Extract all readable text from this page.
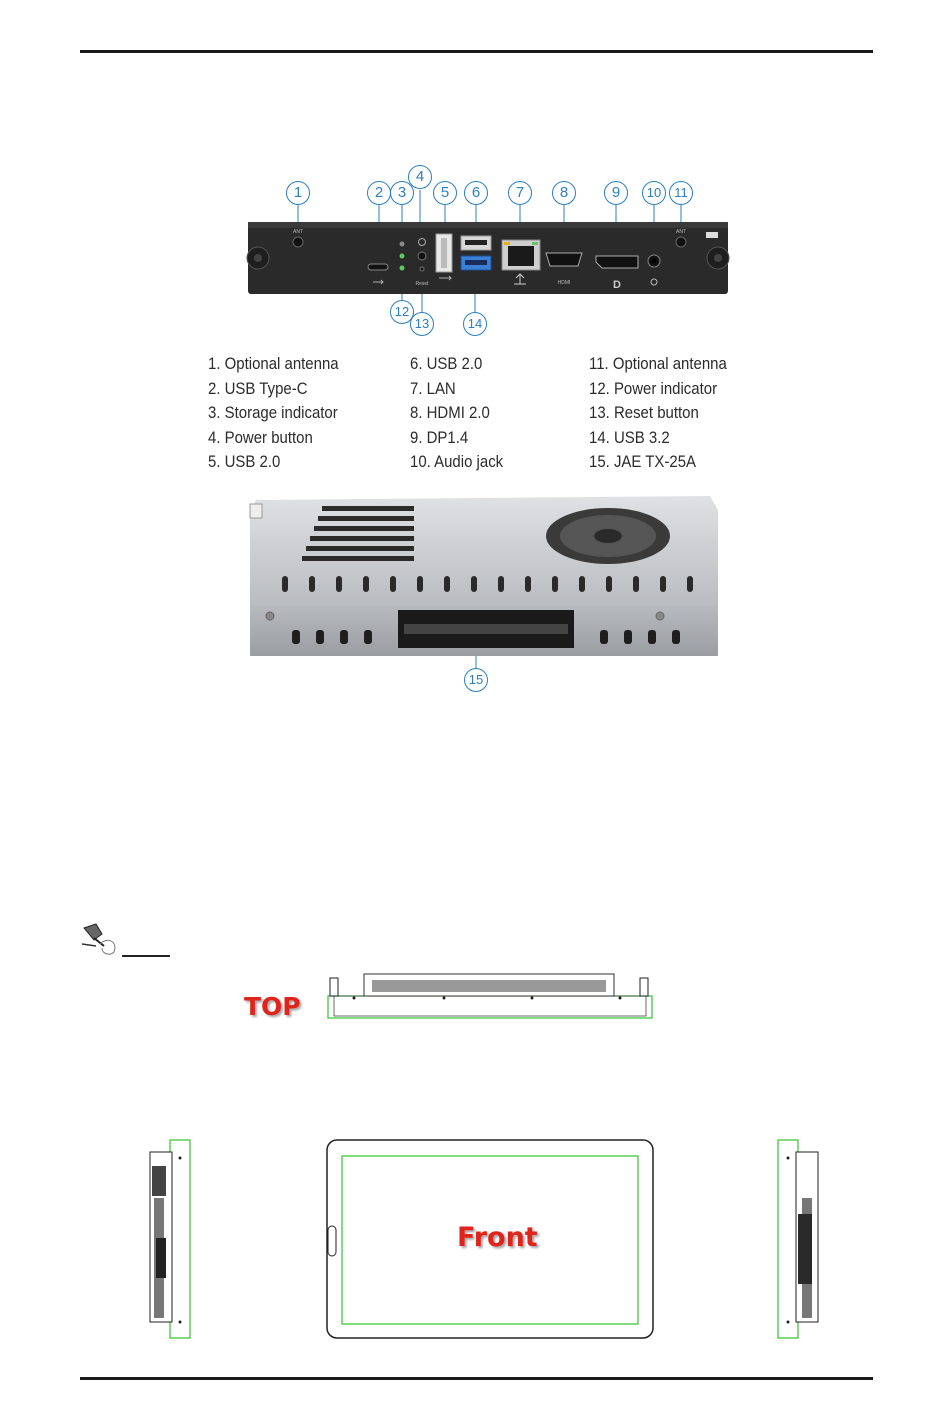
ANT	ANT
Reset	HDMI	D
1	2 3
4
5	6	7	8	9	10	11
12
13	14
1. Optional antenna
2. USB Type-C
3. Storage indicator
4. Power button
5. USB 2.0
6. USB 2.0
7. LAN
8. HDMI 2.0
9. DP1.4
10. Audio jack
11. Optional antenna
12. Power indicator
13. Reset button
14. USB 3.2
15. JAE TX-25A
15
TOP
Front
